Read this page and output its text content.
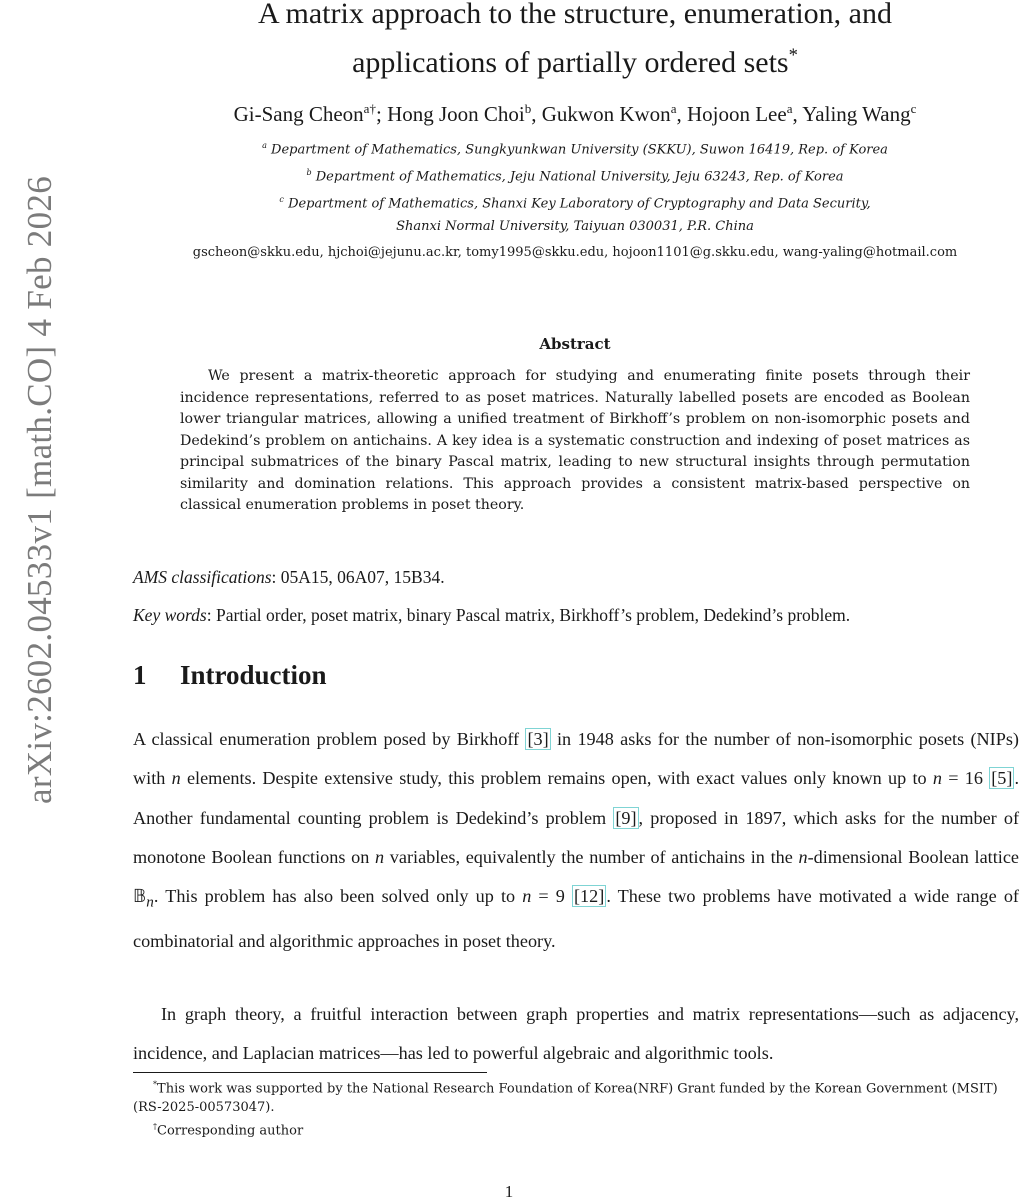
arXiv:2602.04533v1 [math.CO] 4 Feb 2026
A matrix approach to the structure, enumeration, and
applications of partially ordered sets*
Gi-Sang Cheon$^{a\dagger}$; Hong Joon Choi$^b$, Gukwon Kwon$^a$, Hojoon Lee$^a$, Yaling Wang$^c$
$^a$ Department of Mathematics, Sungkyunkwan University (SKKU), Suwon 16419, Rep. of Korea
$^b$ Department of Mathematics, Jeju National University, Jeju 63243, Rep. of Korea
$^c$ Department of Mathematics, Shanxi Key Laboratory of Cryptography and Data Security,
Shanxi Normal University, Taiyuan 030031, P.R. China
gscheon@skku.edu, hjchoi@jejunu.ac.kr, tomy1995@skku.edu, hojoon1101@g.skku.edu, wang-yaling@hotmail.com
Abstract
We present a matrix-theoretic approach for studying and enumerating finite posets through their incidence representations, referred to as poset matrices. Naturally labelled posets are encoded as Boolean lower triangular matrices, allowing a unified treatment of Birkhoff’s problem on non-isomorphic posets and Dedekind’s problem on antichains. A key idea is a systematic construction and indexing of poset matrices as principal submatrices of the binary Pascal matrix, leading to new structural insights through permutation similarity and domination relations. This approach provides a consistent matrix-based perspective on classical enumeration problems in poset theory.
AMS classifications: 05A15, 06A07, 15B34.
Key words: Partial order, poset matrix, binary Pascal matrix, Birkhoff’s problem, Dedekind’s problem.
1 Introduction
A classical enumeration problem posed by Birkhoff [3] in 1948 asks for the number of non-isomorphic posets (NIPs) with n elements. Despite extensive study, this problem remains open, with exact values only known up to n = 16 [5] . Another fundamental counting problem is Dedekind’s problem [9] , proposed in 1897, which asks for the number of monotone Boolean functions on n variables, equivalently the number of antichains in the n-dimensional Boolean lattice 𝔹$_n$. This problem has also been solved only up to n = 9 [12] . These two problems have motivated a wide range of combinatorial and algorithmic approaches in poset theory.
In graph theory, a fruitful interaction between graph properties and matrix representations—such as adjacency, incidence, and Laplacian matrices—has led to powerful algebraic and algorithmic tools.
*This work was supported by the National Research Foundation of Korea(NRF) Grant funded by the Korean Government (MSIT)(RS-2025-00573047).
†Corresponding author
1
